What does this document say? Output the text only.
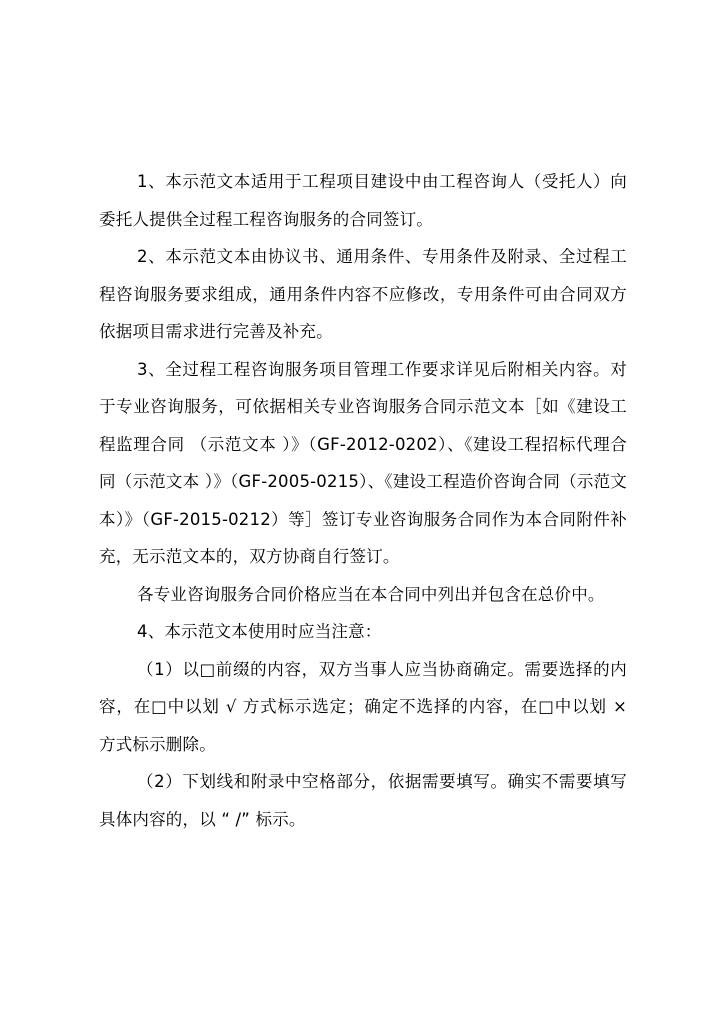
1、本示范文本适用于工程项目建设中由工程咨询人（受托人）向委托人提供全过程工程咨询服务的合同签订。

2、本示范文本由协议书、通用条件、专用条件及附录、全过程工程咨询服务要求组成，通用条件内容不应修改，专用条件可由合同双方依据项目需求进行完善及补充。

3、全过程工程咨询服务项目管理工作要求详见后附相关内容。对于专业咨询服务，可依据相关专业咨询服务合同示范文本［如《建设工程监理合同 （示范文本 ）》（GF-2012-0202）、《建设工程招标代理合同（示范文本 ）》（GF-2005-0215）、《建设工程造价咨询合同（示范文本）》（GF-2015-0212）等］签订专业咨询服务合同作为本合同附件补充，无示范文本的，双方协商自行签订。

各专业咨询服务合同价格应当在本合同中列出并包含在总价中。

4、本示范文本使用时应当注意：

（1）以□前缀的内容，双方当事人应当协商确定。需要选择的内容，在□中以划 √ 方式标示选定；确定不选择的内容，在□中以划 × 方式标示删除。

（2）下划线和附录中空格部分，依据需要填写。确实不需要填写具体内容的，以 “ /” 标示。
